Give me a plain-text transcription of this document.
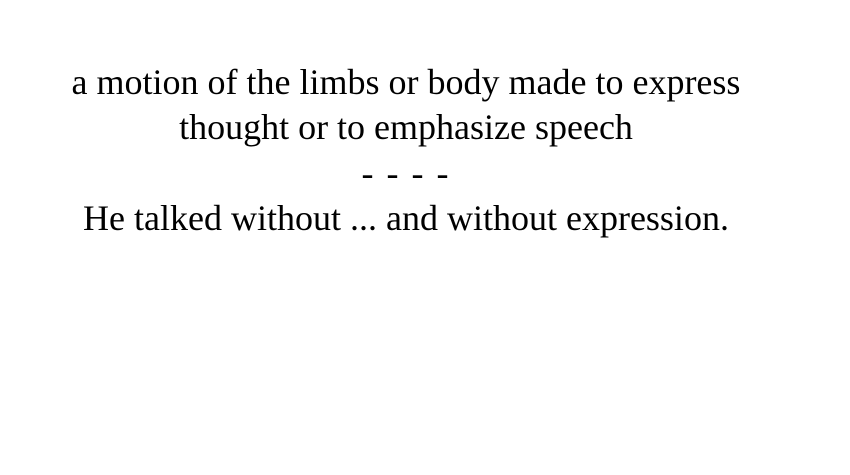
a motion of the limbs or body made to express
thought or to emphasize speech
- - - -
He talked without ... and without expression.
